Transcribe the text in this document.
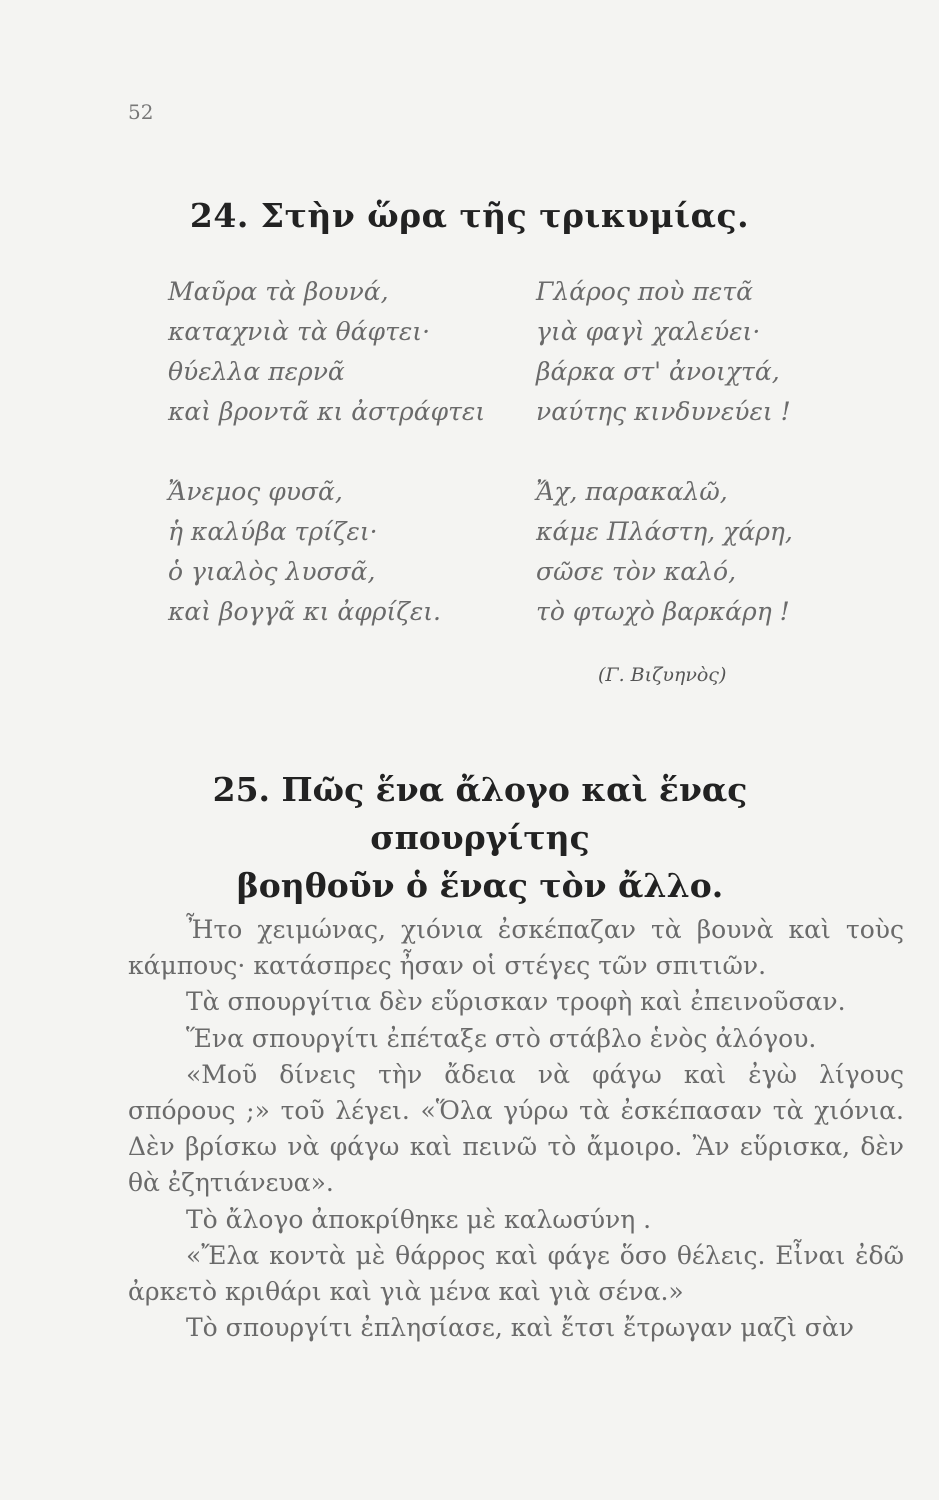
52
24. Στὴν ὥρα τῆς τρικυμίας.
Μαῦρα τὰ βουνά,
καταχνιὰ τὰ θάφτει·
θύελλα περνᾶ
καὶ βροντᾶ κι ἀστράφτει
Γλάρος ποὺ πετᾶ
γιὰ φαγὶ χαλεύει·
βάρκα στ' ἀνοιχτά,
ναύτης κινδυνεύει !
Ἄνεμος φυσᾶ,
ἡ καλύβα τρίζει·
ὁ γιαλὸς λυσσᾶ,
καὶ βογγᾶ κι ἀφρίζει.
Ἄχ, παρακαλῶ,
κάμε Πλάστη, χάρη,
σῶσε τὸν καλό,
τὸ φτωχὸ βαρκάρη !
(Γ. Βιζυηνὸς)
25. Πῶς ἕνα ἄλογο καὶ ἕνας σπουργίτης
βοηθοῦν ὁ ἕνας τὸν ἄλλο.

Ἦτο χειμώνας, χιόνια ἐσκέπαζαν τὰ βουνὰ καὶ τοὺς κάμπους· κατάσπρες ἦσαν οἱ στέγες τῶν σπιτιῶν.

Τὰ σπουργίτια δὲν εὕρισκαν τροφὴ καὶ ἐπεινοῦσαν.

Ἕνα σπουργίτι ἐπέταξε στὸ στάβλο ἑνὸς ἀλόγου.

«Μοῦ δίνεις τὴν ἄδεια νὰ φάγω καὶ ἐγὼ λίγους σπόρους ;» τοῦ λέγει. «Ὅλα γύρω τὰ ἐσκέπασαν τὰ χιόνια. Δὲν βρίσκω νὰ φάγω καὶ πεινῶ τὸ ἄμοιρο. Ἂν εὕρισκα, δὲν θὰ ἐζητιάνευα».

Τὸ ἄλογο ἀποκρίθηκε μὲ καλωσύνη .

«Ἔλα κοντὰ μὲ θάρρος καὶ φάγε ὅσο θέλεις. Εἶναι ἐδῶ ἀρκετὸ κριθάρι καὶ γιὰ μένα καὶ γιὰ σένα.»

Τὸ σπουργίτι ἐπλησίασε, καὶ ἔτσι ἔτρωγαν μαζὶ σὰν
